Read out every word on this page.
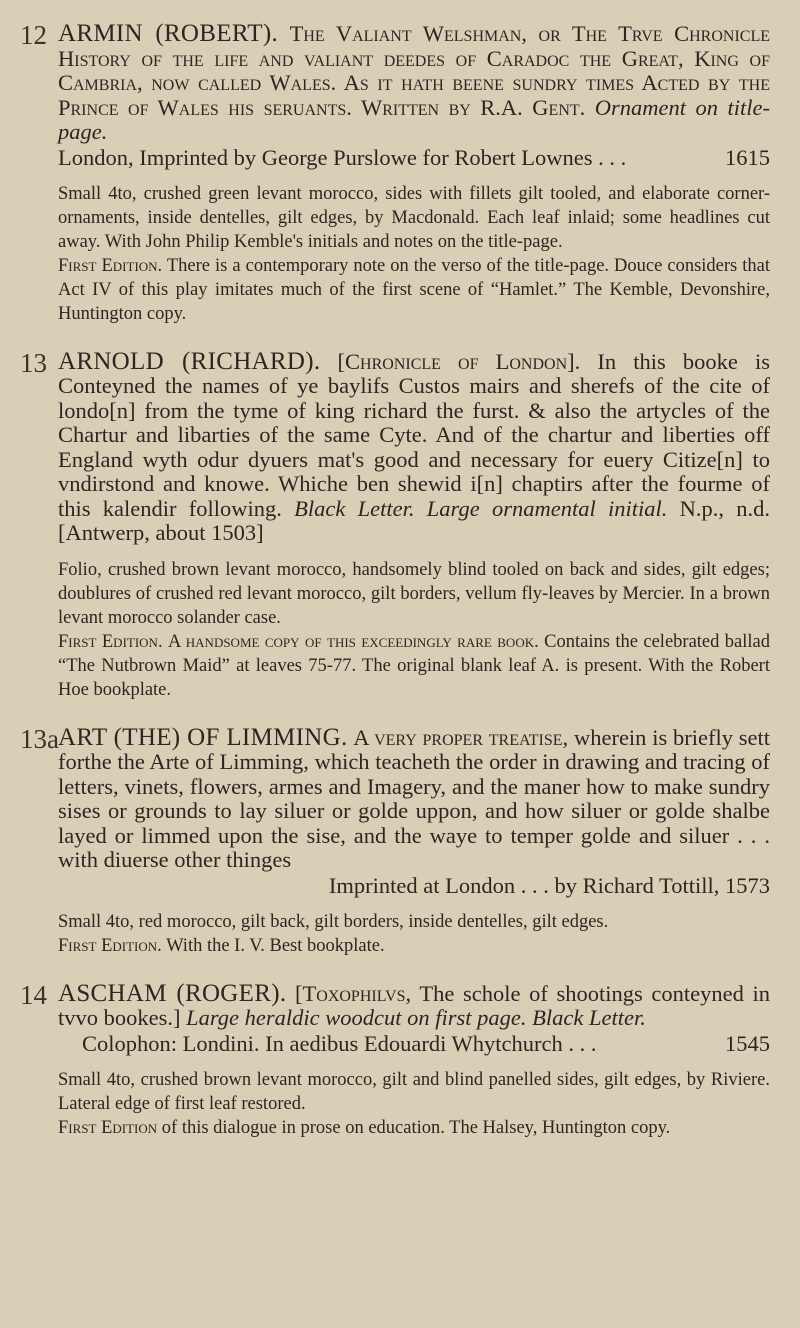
12 ARMIN (ROBERT). The Valiant Welshman, or The Trve Chronicle History of the life and valiant deedes of Caradoc the Great, King of Cambria, now called Wales. As it hath beene sundry times Acted by the Prince of Wales his seruants. Written by R.A. Gent. Ornament on title-page.

London, Imprinted by George Purslowe for Robert Lownes . . .	1615

Small 4to, crushed green levant morocco, sides with fillets gilt tooled, and elaborate corner-ornaments, inside dentelles, gilt edges, by Macdonald. Each leaf inlaid; some headlines cut away. With John Philip Kemble's initials and notes on the title-page.

First Edition. There is a contemporary note on the verso of the title-page. Douce considers that Act IV of this play imitates much of the first scene of “Hamlet.” The Kemble, Devonshire, Huntington copy.

13 ARNOLD (RICHARD). [Chronicle of London]. In this booke is Conteyned the names of ye baylifs Custos mairs and sherefs of the cite of londo[n] from the tyme of king richard the furst. & also the artycles of the Chartur and libarties of the same Cyte. And of the chartur and liberties off England wyth odur dyuers mat's good and necessary for euery Citize[n] to vndirstond and knowe. Whiche ben shewid i[n] chaptirs after the fourme of this kalendir following. Black Letter. Large ornamental initial. N.p., n.d. [Antwerp, about 1503]

Folio, crushed brown levant morocco, handsomely blind tooled on back and sides, gilt edges; doublures of crushed red levant morocco, gilt borders, vellum fly-leaves by Mercier. In a brown levant morocco solander case.

First Edition. A handsome copy of this exceedingly rare book. Contains the celebrated ballad “The Nutbrown Maid” at leaves 75-77. The original blank leaf A. is present. With the Robert Hoe bookplate.

13a ART (THE) OF LIMMING. A very proper treatise, wherein is briefly sett forthe the Arte of Limming, which teacheth the order in drawing and tracing of letters, vinets, flowers, armes and Imagery, and the maner how to make sundry sises or grounds to lay siluer or golde uppon, and how siluer or golde shalbe layed or limmed upon the sise, and the waye to temper golde and siluer . . . with diuerse other thinges

Imprinted at London . . . by Richard Tottill, 1573

Small 4to, red morocco, gilt back, gilt borders, inside dentelles, gilt edges.

First Edition. With the I. V. Best bookplate.

14 ASCHAM (ROGER). [Toxophilvs, The schole of shootings conteyned in tvvo bookes.] Large heraldic woodcut on first page. Black Letter.

Colophon: Londini. In aedibus Edouardi Whytchurch . . .	1545

Small 4to, crushed brown levant morocco, gilt and blind panelled sides, gilt edges, by Riviere. Lateral edge of first leaf restored.

First Edition of this dialogue in prose on education. The Halsey, Huntington copy.
